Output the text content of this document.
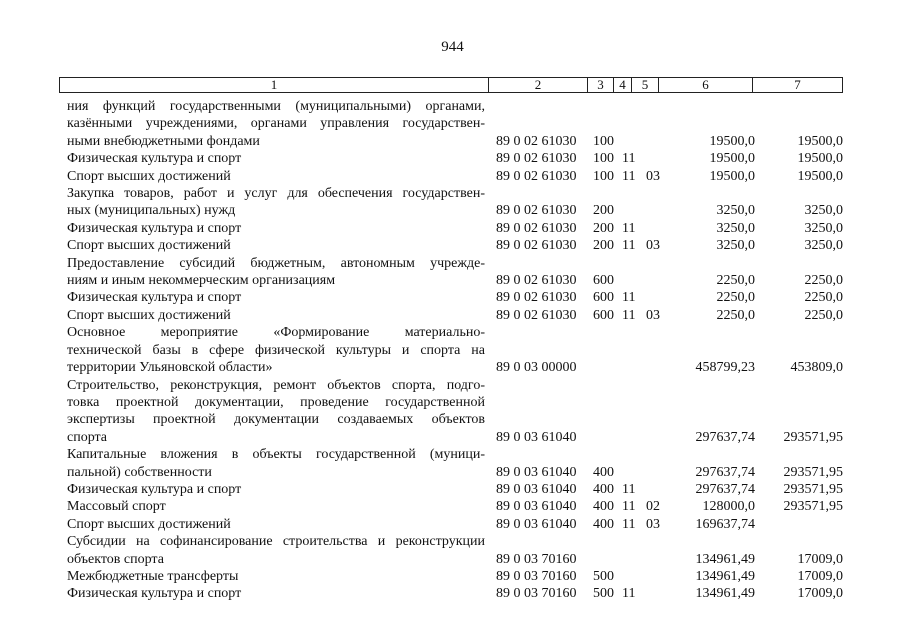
944
1	2	3	4	5	6	7
ния функций государственными (муниципальными) органами,
казёнными учреждениями, органами управления государствен-
ными внебюджетными фондами	89 0 02 61030 100	19500,0	19500,0
Физическая культура и спорт	89 0 02 61030 100 11	19500,0	19500,0
Спорт высших достижений	89 0 02 61030 100 11 03	19500,0	19500,0
Закупка товаров, работ и услуг для обеспечения государствен-
ных (муниципальных) нужд	89 0 02 61030 200	3250,0	3250,0
Физическая культура и спорт	89 0 02 61030 200 11	3250,0	3250,0
Спорт высших достижений	89 0 02 61030 200 11 03	3250,0	3250,0
Предоставление субсидий бюджетным, автономным учрежде-
ниям и иным некоммерческим организациям	89 0 02 61030 600	2250,0	2250,0
Физическая культура и спорт	89 0 02 61030 600 11	2250,0	2250,0
Спорт высших достижений	89 0 02 61030 600 11 03	2250,0	2250,0
Основное мероприятие «Формирование материально-
технической базы в сфере физической культуры и спорта на
территории Ульяновской области»	89 0 03 00000	458799,23	453809,0
Строительство, реконструкция, ремонт объектов спорта, подго-
товка проектной документации, проведение государственной
экспертизы проектной документации создаваемых объектов
спорта	89 0 03 61040	297637,74 293571,95
Капитальные вложения в объекты государственной (муници-
пальной) собственности	89 0 03 61040 400	297637,74 293571,95
Физическая культура и спорт	89 0 03 61040 400 11	297637,74 293571,95
Массовый спорт	89 0 03 61040 400 11 02	128000,0 293571,95
Спорт высших достижений	89 0 03 61040 400 11 03	169637,74
Субсидии на софинансирование строительства и реконструкции
объектов спорта	89 0 03 70160	134961,49	17009,0
Межбюджетные трансферты	89 0 03 70160 500	134961,49	17009,0
Физическая культура и спорт	89 0 03 70160 500 11	134961,49	17009,0
